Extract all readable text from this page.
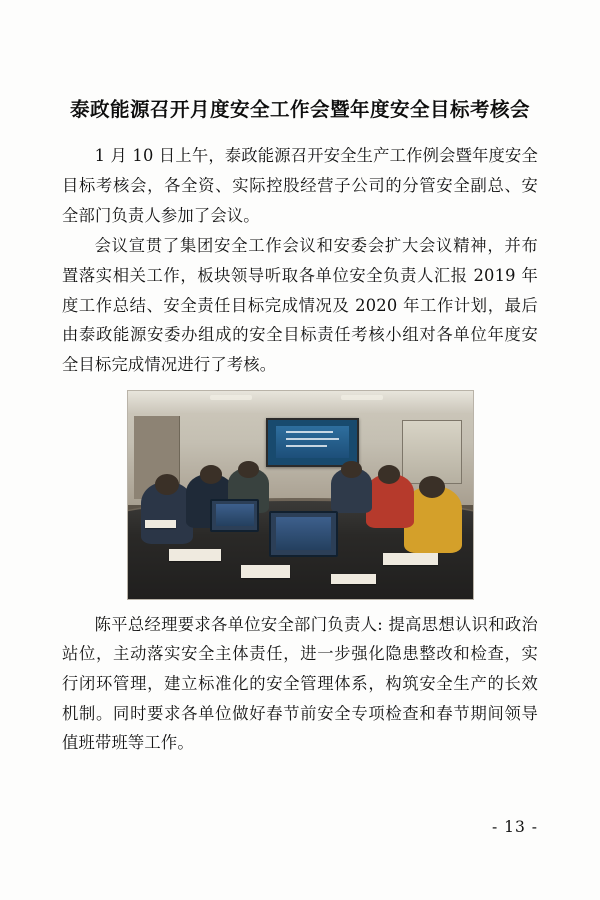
泰政能源召开月度安全工作会暨年度安全目标考核会

1 月 10 日上午，泰政能源召开安全生产工作例会暨年度安全目标考核会，各全资、实际控股经营子公司的分管安全副总、安全部门负责人参加了会议。

会议宣贯了集团安全工作会议和安委会扩大会议精神，并布置落实相关工作，板块领导听取各单位安全负责人汇报 2019 年度工作总结、安全责任目标完成情况及 2020 年工作计划，最后由泰政能源安委办组成的安全目标责任考核小组对各单位年度安全目标完成情况进行了考核。

陈平总经理要求各单位安全部门负责人: 提高思想认识和政治站位，主动落实安全主体责任，进一步强化隐患整改和检查，实行闭环管理，建立标准化的安全管理体系，构筑安全生产的长效机制。同时要求各单位做好春节前安全专项检查和春节期间领导值班带班等工作。

- 13 -
